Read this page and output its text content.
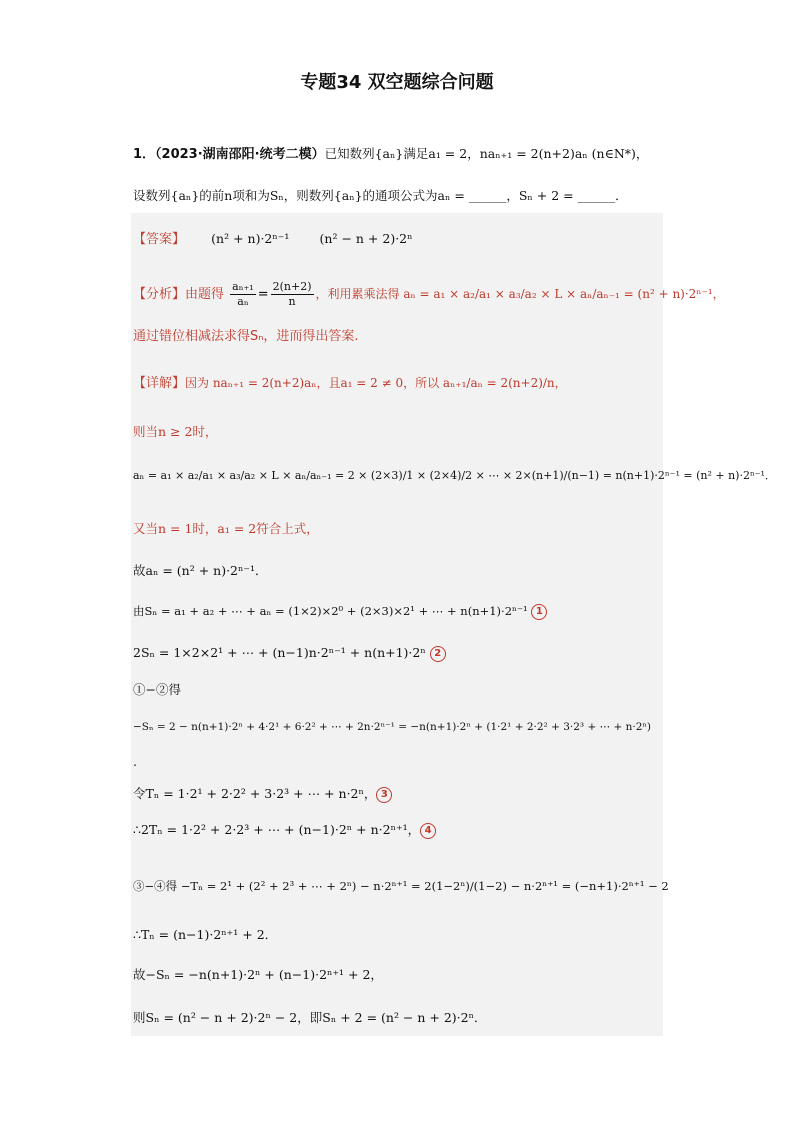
专题34 双空题综合问题
1．（2023·湖南邵阳·统考二模）已知数列{aₙ}满足a₁ = 2，naₙ₊₁ = 2(n+2)aₙ (n∈N*)，
设数列{aₙ}的前n项和为Sₙ，则数列{aₙ}的通项公式为aₙ = ______，Sₙ + 2 = ______．
【答案】 (n² + n)·2ⁿ⁻¹ (n² − n + 2)·2ⁿ
【分析】由题得 $\frac{\text{aₙ₊₁}}{\text{aₙ}} = \frac{2(n+2)}{n}$ ，利用累乘法得 aₙ = a₁ × a₂/a₁ × a₃/a₂ × L × aₙ/aₙ₋₁ = (n² + n)·2ⁿ⁻¹，
通过错位相减法求得Sₙ，进而得出答案.
【详解】因为 naₙ₊₁ = 2(n+2)aₙ，且a₁ = 2 ≠ 0，所以 aₙ₊₁/aₙ = 2(n+2)/n，
则当n ≥ 2时，
aₙ = a₁ × a₂/a₁ × a₃/a₂ × L × aₙ/aₙ₋₁ = 2 × (2×3)/1 × (2×4)/2 × ⋯ × 2×(n+1)/(n−1) = n(n+1)·2ⁿ⁻¹ = (n² + n)·2ⁿ⁻¹．
又当n = 1时，a₁ = 2符合上式，
故aₙ = (n² + n)·2ⁿ⁻¹．
由Sₙ = a₁ + a₂ + ⋯ + aₙ = (1×2)×2⁰ + (2×3)×2¹ + ⋯ + n(n+1)·2ⁿ⁻¹ 1
2Sₙ = 1×2×2¹ + ⋯ + (n−1)n·2ⁿ⁻¹ + n(n+1)·2ⁿ 2
①−②得
−Sₙ = 2 − n(n+1)·2ⁿ + 4·2¹ + 6·2² + ⋯ + 2n·2ⁿ⁻¹ = −n(n+1)·2ⁿ + (1·2¹ + 2·2² + 3·2³ + ⋯ + n·2ⁿ)
.
令Tₙ = 1·2¹ + 2·2² + 3·2³ + ⋯ + n·2ⁿ， 3
∴2Tₙ = 1·2² + 2·2³ + ⋯ + (n−1)·2ⁿ + n·2ⁿ⁺¹， 4
③−④得 −Tₙ = 2¹ + (2² + 2³ + ⋯ + 2ⁿ) − n·2ⁿ⁺¹ = 2(1−2ⁿ)/(1−2) − n·2ⁿ⁺¹ = (−n+1)·2ⁿ⁺¹ − 2
∴Tₙ = (n−1)·2ⁿ⁺¹ + 2．
故−Sₙ = −n(n+1)·2ⁿ + (n−1)·2ⁿ⁺¹ + 2，
则Sₙ = (n² − n + 2)·2ⁿ − 2，即Sₙ + 2 = (n² − n + 2)·2ⁿ．
